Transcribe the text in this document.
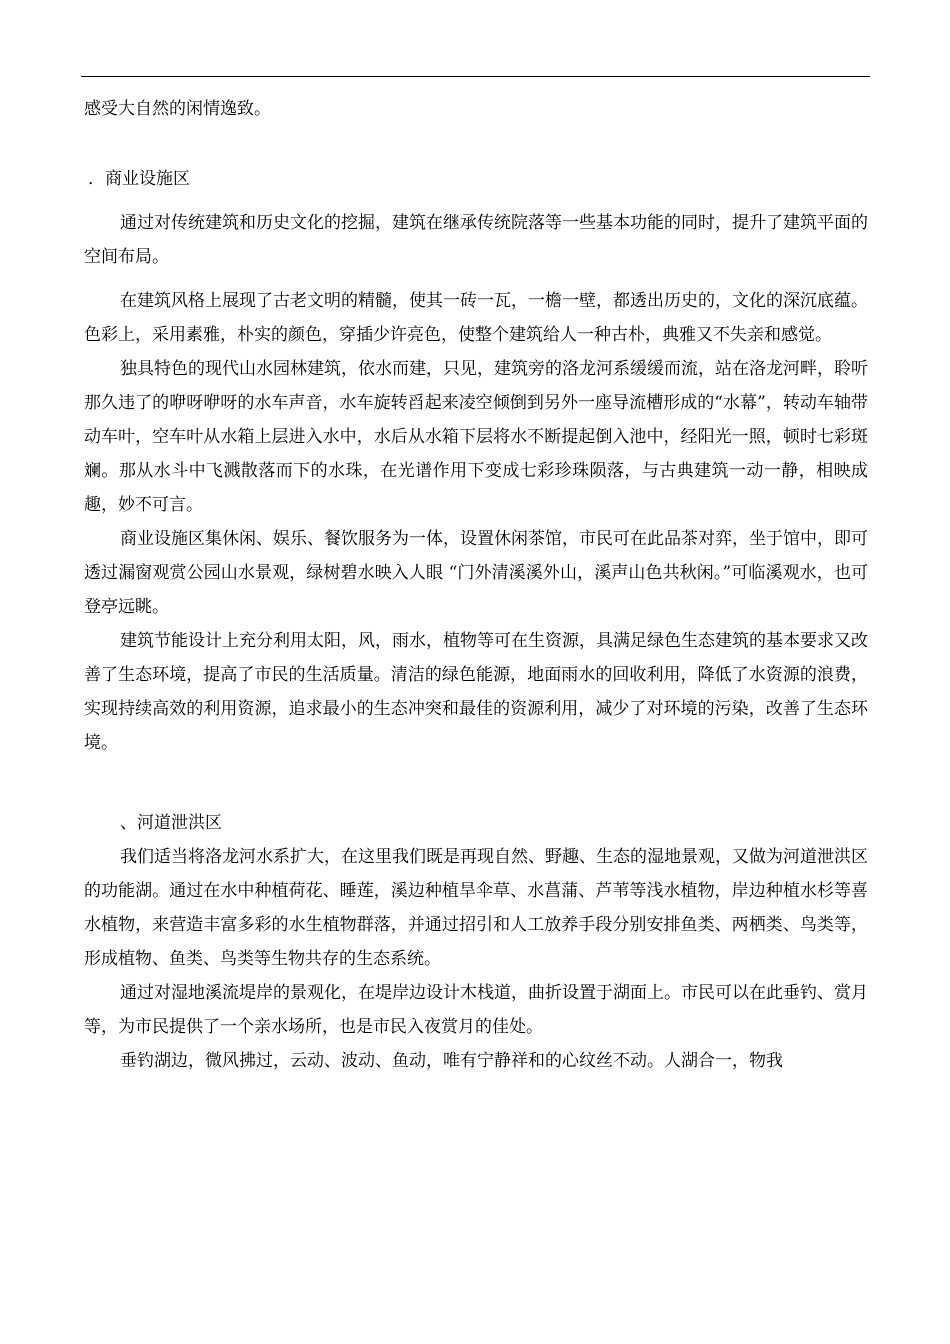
感受大自然的闲情逸致。

．商业设施区

通过对传统建筑和历史文化的挖掘，建筑在继承传统院落等一些基本功能的同时，提升了建筑平面的空间布局。

在建筑风格上展现了古老文明的精髓，使其一砖一瓦，一檐一壁，都透出历史的，文化的深沉底蕴。色彩上，采用素雅，朴实的颜色，穿插少许亮色，使整个建筑给人一种古朴，典雅又不失亲和感觉。

独具特色的现代山水园林建筑，依水而建，只见，建筑旁的洛龙河系缓缓而流，站在洛龙河畔，聆听那久违了的咿呀咿呀的水车声音，水车旋转舀起来凌空倾倒到另外一座导流槽形成的“水幕”，转动车轴带动车叶，空车叶从水箱上层进入水中，水后从水箱下层将水不断提起倒入池中，经阳光一照，顿时七彩斑斓。那从水斗中飞溅散落而下的水珠，在光谱作用下变成七彩珍珠陨落，与古典建筑一动一静，相映成趣，妙不可言。

商业设施区集休闲、娱乐、餐饮服务为一体，设置休闲茶馆，市民可在此品茶对弈，坐于馆中，即可透过漏窗观赏公园山水景观，绿树碧水映入人眼 “门外清溪溪外山，溪声山色共秋闲。”可临溪观水，也可登亭远眺。

建筑节能设计上充分利用太阳，风，雨水，植物等可在生资源，具满足绿色生态建筑的基本要求又改善了生态环境，提高了市民的生活质量。清洁的绿色能源，地面雨水的回收利用，降低了水资源的浪费，实现持续高效的利用资源，追求最小的生态冲突和最佳的资源利用，减少了对环境的污染，改善了生态环境。

、河道泄洪区

我们适当将洛龙河水系扩大，在这里我们既是再现自然、野趣、生态的湿地景观，又做为河道泄洪区的功能湖。通过在水中种植荷花、睡莲，溪边种植旱伞草、水菖蒲、芦苇等浅水植物，岸边种植水杉等喜水植物，来营造丰富多彩的水生植物群落，并通过招引和人工放养手段分别安排鱼类、两栖类、鸟类等，形成植物、鱼类、鸟类等生物共存的生态系统。

通过对湿地溪流堤岸的景观化，在堤岸边设计木栈道，曲折设置于湖面上。市民可以在此垂钓、赏月等，为市民提供了一个亲水场所，也是市民入夜赏月的佳处。

垂钓湖边，微风拂过，云动、波动、鱼动，唯有宁静祥和的心纹丝不动。人湖合一，物我
